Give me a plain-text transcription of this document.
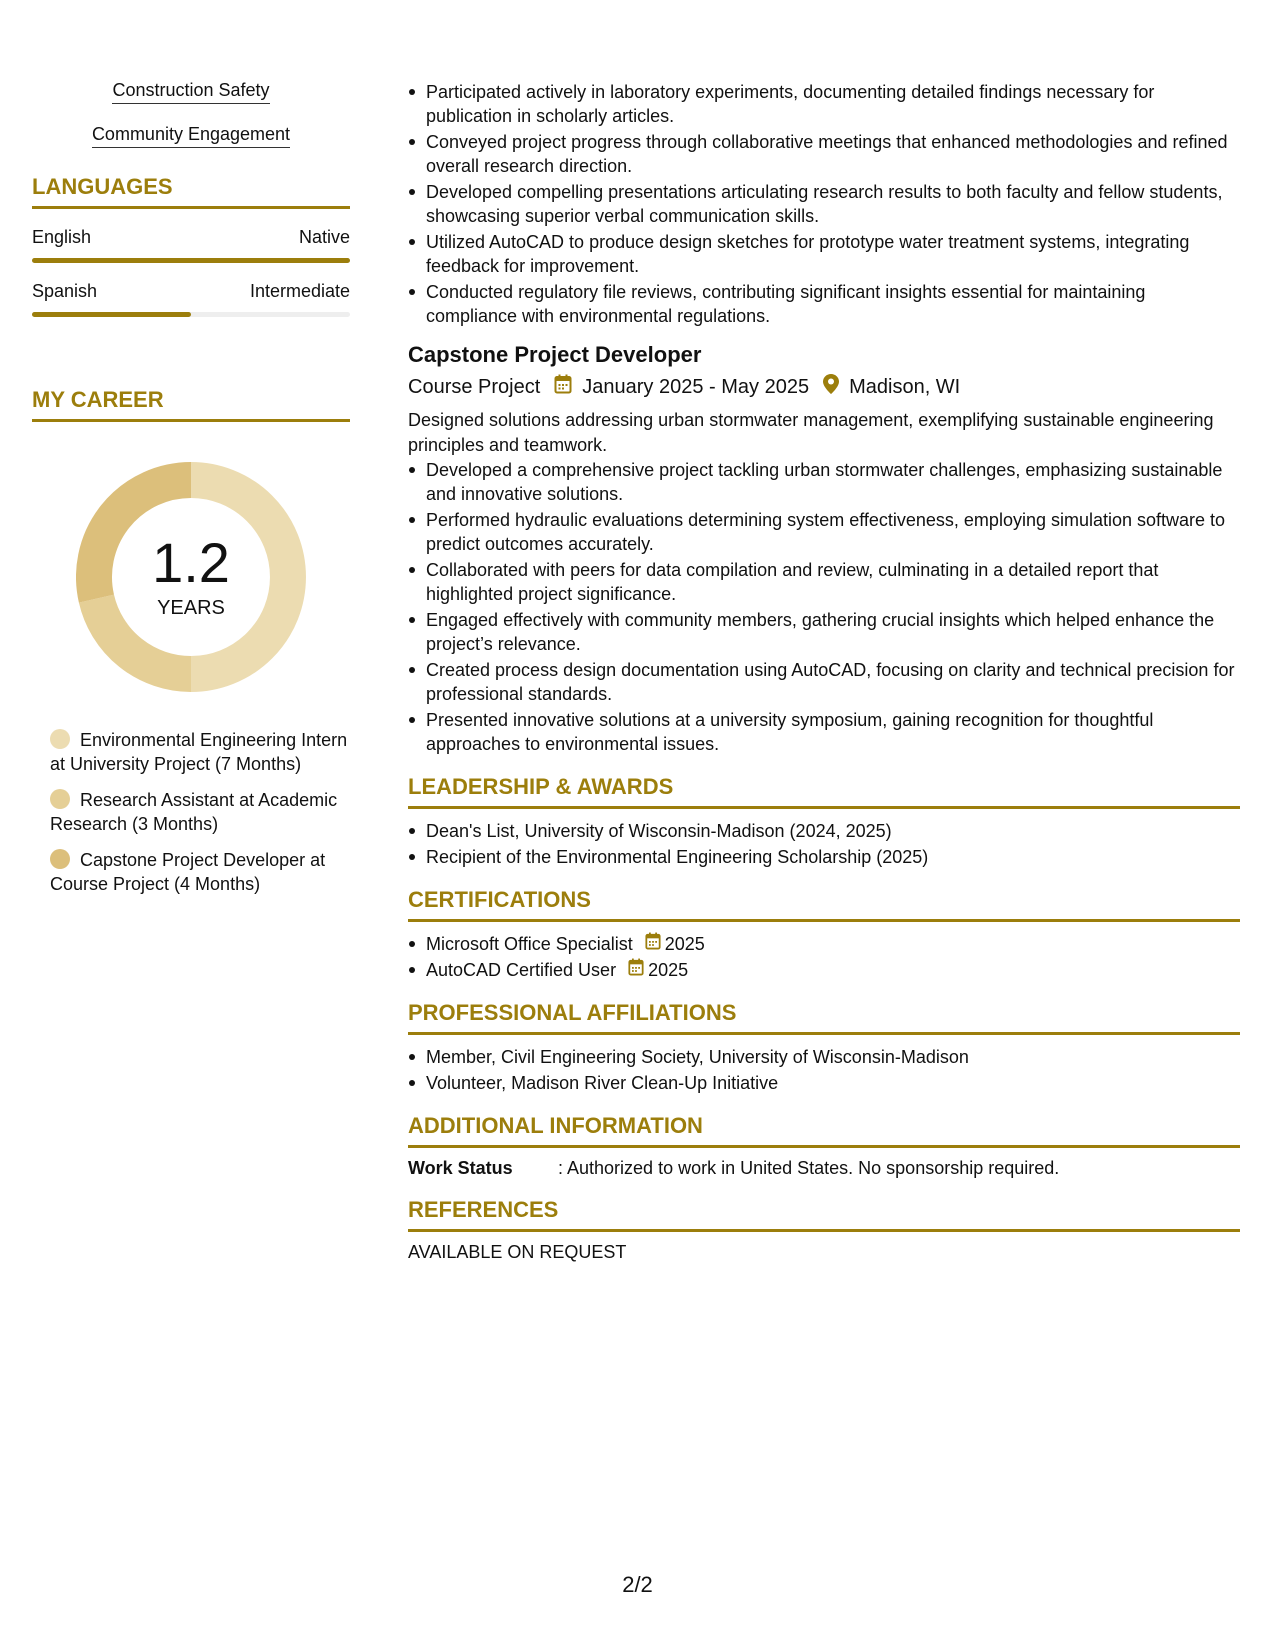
Construction Safety
Community Engagement
LANGUAGES
English	Native
Spanish	Intermediate
MY CAREER
1.2
YEARS
Environmental Engineering Intern at University Project (7 Months)
Research Assistant at Academic Research (3 Months)
Capstone Project Developer at Course Project (4 Months)
Participated actively in laboratory experiments, documenting detailed findings necessary for publication in scholarly articles.
Conveyed project progress through collaborative meetings that enhanced methodologies and refined overall research direction.
Developed compelling presentations articulating research results to both faculty and fellow students, showcasing superior verbal communication skills.
Utilized AutoCAD to produce design sketches for prototype water treatment systems, integrating feedback for improvement.
Conducted regulatory file reviews, contributing significant insights essential for maintaining compliance with environmental regulations.
Capstone Project Developer
Course Project January 2025 - May 2025 Madison, WI
Designed solutions addressing urban stormwater management, exemplifying sustainable engineering principles and teamwork.
Developed a comprehensive project tackling urban stormwater challenges, emphasizing sustainable and innovative solutions.
Performed hydraulic evaluations determining system effectiveness, employing simulation software to predict outcomes accurately.
Collaborated with peers for data compilation and review, culminating in a detailed report that highlighted project significance.
Engaged effectively with community members, gathering crucial insights which helped enhance the project’s relevance.
Created process design documentation using AutoCAD, focusing on clarity and technical precision for professional standards.
Presented innovative solutions at a university symposium, gaining recognition for thoughtful approaches to environmental issues.
LEADERSHIP & AWARDS
Dean's List, University of Wisconsin-Madison (2024, 2025)
Recipient of the Environmental Engineering Scholarship (2025)
CERTIFICATIONS
Microsoft Office Specialist 2025
AutoCAD Certified User 2025
PROFESSIONAL AFFILIATIONS
Member, Civil Engineering Society, University of Wisconsin-Madison
Volunteer, Madison River Clean-Up Initiative
ADDITIONAL INFORMATION
Work Status	: Authorized to work in United States. No sponsorship required.
REFERENCES
AVAILABLE ON REQUEST
2/2
